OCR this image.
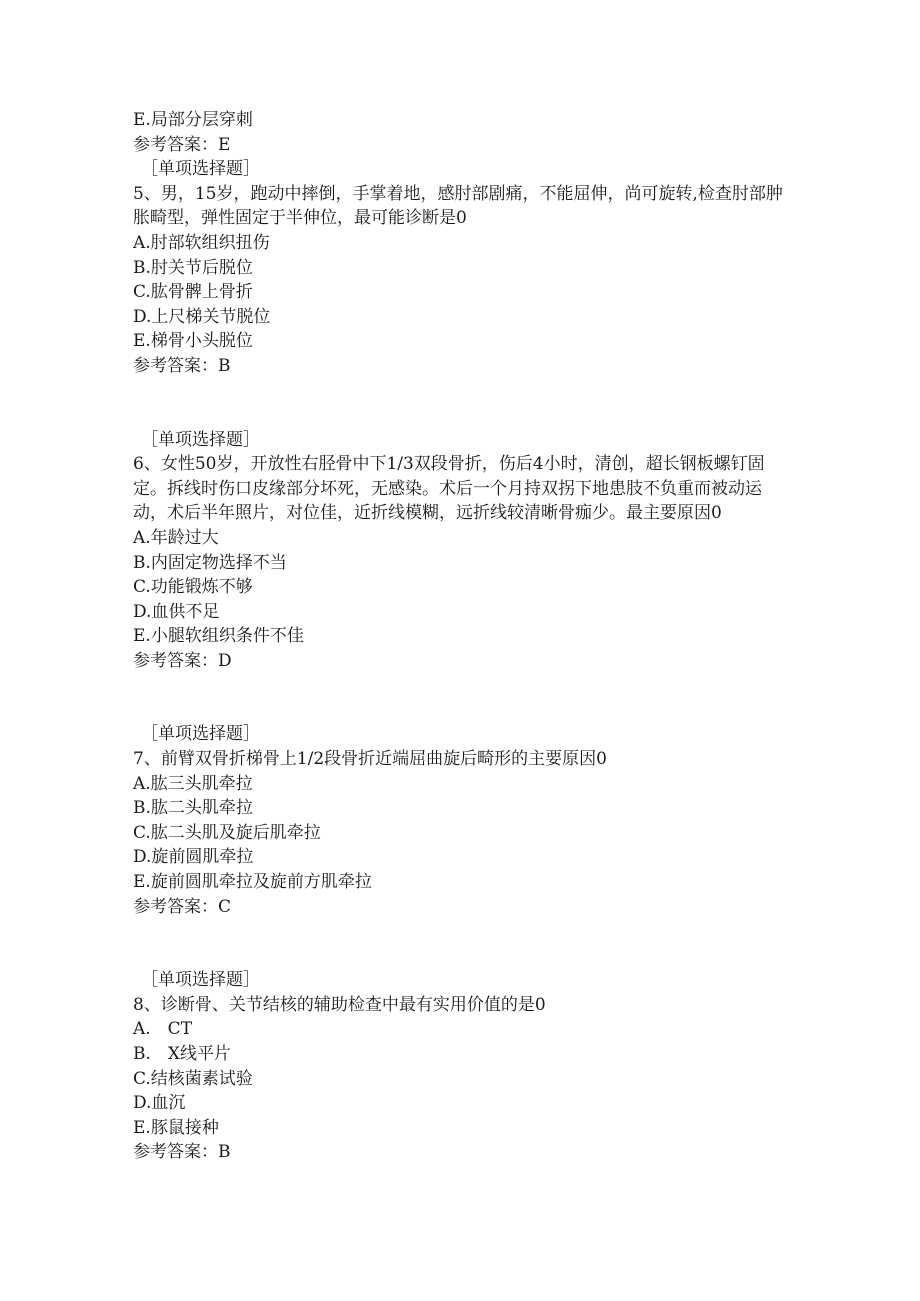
E.局部分层穿刺
参考答案：E
［单项选择题］
5、男，15岁，跑动中摔倒，手掌着地，感肘部剧痛，不能屈伸，尚可旋转,检查肘部肿胀畸型，弹性固定于半伸位，最可能诊断是0
A.肘部软组织扭伤
B.肘关节后脱位
C.肱骨髀上骨折
D.上尺梯关节脱位
E.梯骨小头脱位
参考答案：B
［单项选择题］
6、女性50岁，开放性右胫骨中下1/3双段骨折，伤后4小时，清创，超长钢板螺钉固定。拆线时伤口皮缘部分坏死，无感染。术后一个月持双拐下地患肢不负重而被动运动，术后半年照片，对位佳，近折线模糊，远折线较清晰骨痂少。最主要原因0
A.年龄过大
B.内固定物选择不当
C.功能锻炼不够
D.血供不足
E.小腿软组织条件不佳
参考答案：D
［单项选择题］
7、前臂双骨折梯骨上1/2段骨折近端屈曲旋后畸形的主要原因0
A.肱三头肌牵拉
B.肱二头肌牵拉
C.肱二头肌及旋后肌牵拉
D.旋前圆肌牵拉
E.旋前圆肌牵拉及旋前方肌牵拉
参考答案：C
［单项选择题］
8、诊断骨、关节结核的辅助检查中最有实用价值的是0
A.　CT
B.　X线平片
C.结核菌素试验
D.血沉
E.豚鼠接种
参考答案：B
